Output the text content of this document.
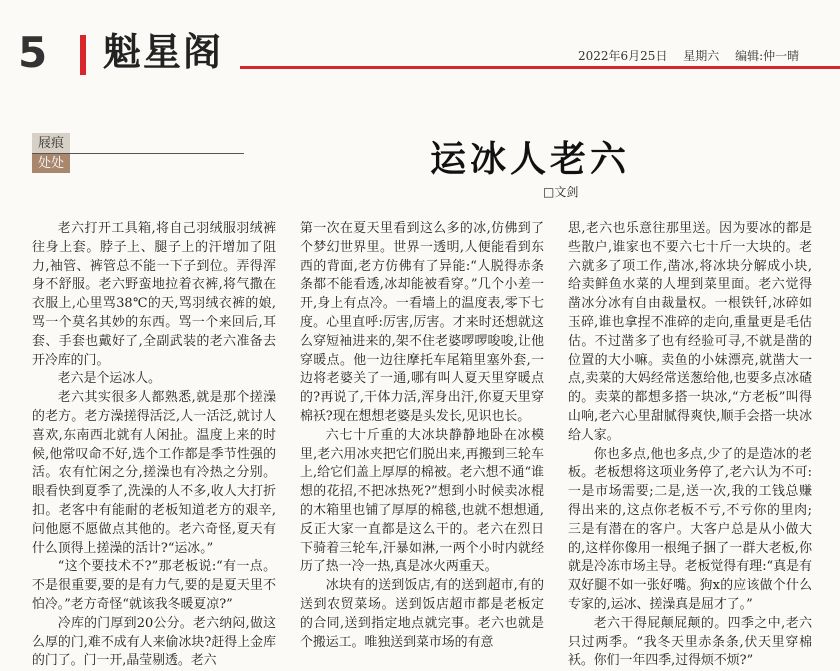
5 魁星阁	2022年6月25日 星期六 编辑:仲一晴
屐痕
处处	运冰人老六
□文剑

老六打开工具箱,将自己羽绒服羽绒裤往身上套。脖子上、腿子上的汗增加了阻力,袖管、裤管总不能一下子到位。弄得浑身不舒服。老六野蛮地拉着衣裤,将气撒在衣服上,心里骂38℃的天,骂羽绒衣裤的娘,骂一个莫名其妙的东西。骂一个来回后,耳套、手套也戴好了,全副武装的老六准备去开冷库的门。

老六是个运冰人。

老六其实很多人都熟悉,就是那个搓澡的老方。老方澡搓得活泛,人一活泛,就讨人喜欢,东南西北就有人闲扯。温度上来的时候,他常叹命不好,选个工作都是季节性强的活。农有忙闲之分,搓澡也有冷热之分别。眼看快到夏季了,洗澡的人不多,收人大打折扣。老客中有能耐的老板知道老方的艰辛,问他愿不愿做点其他的。老六奇怪,夏天有什么顶得上搓澡的活计?“运冰。”

“这个要技术不?”那老板说:“有一点。不是很重要,要的是有力气,要的是夏天里不怕冷。”老方奇怪“就该我冬暖夏凉?”

冷库的门厚到20公分。老六纳闷,做这么厚的门,难不成有人来偷冰块?赶得上金库的门了。门一开,晶莹剔透。老六

第一次在夏天里看到这么多的冰,仿佛到了个梦幻世界里。世界一透明,人便能看到东西的背面,老方仿佛有了异能:“人脱得赤条条都不能看透,冰却能被看穿。”几个小差一开,身上有点冷。一看墙上的温度表,零下七度。心里直呼:厉害,厉害。才来时还想就这么穿短袖进来的,架不住老婆啰啰唆唆,让他穿暖点。他一边往摩托车尾箱里塞外套,一边将老婆关了一通,哪有叫人夏天里穿暖点的?再说了,干体力活,浑身出汗,你夏天里穿棉袄?现在想想老婆是头发长,见识也长。

六七十斤重的大冰块静静地卧在冰模里,老六用冰夹把它们脱出来,再搬到三轮车上,给它们盖上厚厚的棉被。老六想不通“谁想的花招,不把冰热死?”想到小时候卖冰棍的木箱里也铺了厚厚的棉毯,也就不想想通,反正大家一直都是这么干的。老六在烈日下骑着三轮车,汗暴如淋,一两个小时内就经历了热一冷一热,真是冰火两重天。

冰块有的送到饭店,有的送到超市,有的送到农贸菜场。送到饭店超市都是老板定的合同,送到指定地点就完事。老六也就是个搬运工。唯独送到菜市场的有意

思,老六也乐意往那里送。因为要冰的都是些散户,谁家也不要六七十斤一大块的。老六就多了项工作,凿冰,将冰块分解成小块,给卖鲜鱼水菜的人埋到菜里面。老六觉得凿冰分冰有自由裁量权。一根铁钎,冰碎如玉碎,谁也拿捏不准碎的走向,重量更是毛估估。不过凿多了也有经验可寻,不就是凿的位置的大小嘛。卖鱼的小妹漂亮,就凿大一点,卖菜的大妈经常送葱给他,也要多点冰碴的。卖菜的都想多搭一块冰,“方老板”叫得山响,老六心里甜腻得爽快,顺手会搭一块冰给人家。

你也多点,他也多点,少了的是造冰的老板。老板想将这项业务停了,老六认为不可:一是市场需要;二是,送一次,我的工钱总赚得出来的,这点你老板不亏,不亏你的里肉;三是有潜在的客户。大客户总是从小做大的,这样你像用一根绳子捆了一群大老板,你就是冷冻市场主导。老板觉得有理:“真是有双好腿不如一张好嘴。狗x的应该做个什么专家的,运冰、搓澡真是屈才了。”

老六干得屁颠屁颠的。四季之中,老六只过两季。“我冬天里赤条条,伏天里穿棉袄。你们一年四季,过得烦不烦?”
